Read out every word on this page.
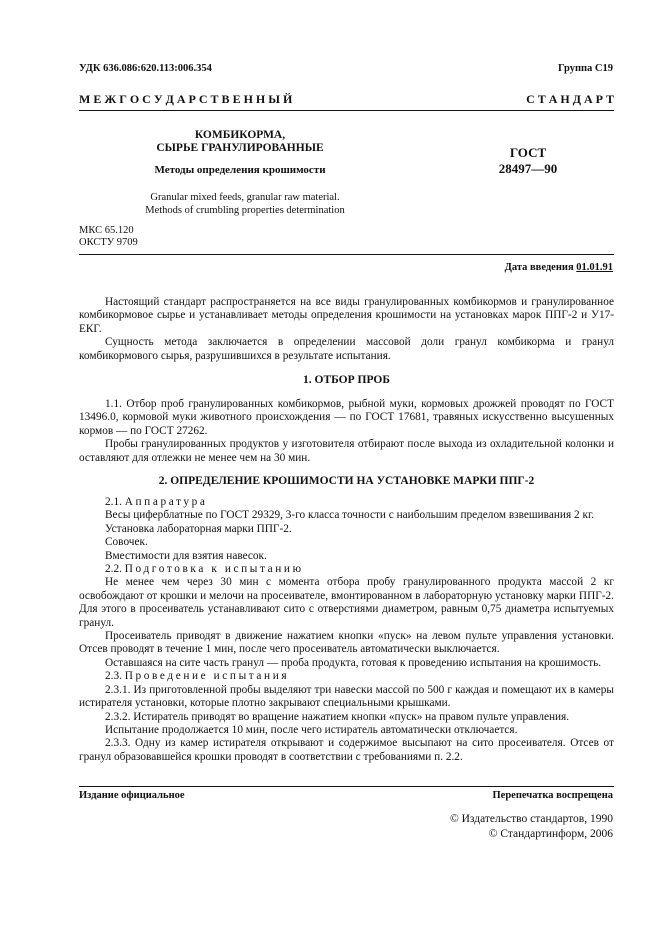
УДК 636.086:620.113:006.354	Группа С19
М Е Ж Г О С У Д А Р С Т В Е Н Н Ы Й	С Т А Н Д А Р Т
КОМБИКОРМА,
СЫРЬЕ ГРАНУЛИРОВАННЫЕ
Методы определения крошимости
Granular mixed feeds, granular raw material.
Methods of crumbling properties determination
ГОСТ
28497—90
МКС 65.120
ОКСТУ 9709
Дата введения 01.01.91

Настоящий стандарт распространяется на все виды гранулированных комбикормов и гранулированное комбикормовое сырье и устанавливает методы определения крошимости на установках марок ППГ-2 и У17-ЕКГ.

Сущность метода заключается в определении массовой доли гранул комбикорма и гранул комбикормового сырья, разрушившихся в результате испытания.

1. ОТБОР ПРОБ

1.1. Отбор проб гранулированных комбикормов, рыбной муки, кормовых дрожжей проводят по ГОСТ 13496.0, кормовой муки животного происхождения — по ГОСТ 17681, травяных искусственно высушенных кормов — по ГОСТ 27262.

Пробы гранулированных продуктов у изготовителя отбирают после выхода из охладительной колонки и оставляют для отлежки не менее чем на 30 мин.

2. ОПРЕДЕЛЕНИЕ КРОШИМОСТИ НА УСТАНОВКЕ МАРКИ ППГ-2

2.1. Аппаратура

Весы циферблатные по ГОСТ 29329, 3-го класса точности с наибольшим пределом взвешивания 2 кг.

Установка лабораторная марки ППГ-2.

Совочек.

Вместимости для взятия навесок.

2.2. Подготовка к испытанию

Не менее чем через 30 мин с момента отбора пробу гранулированного продукта массой 2 кг освобождают от крошки и мелочи на просеивателе, вмонтированном в лабораторную установку марки ППГ-2. Для этого в просеиватель устанавливают сито с отверстиями диаметром, равным 0,75 диаметра испытуемых гранул.

Просеиватель приводят в движение нажатием кнопки «пуск» на левом пульте управления установки. Отсев проводят в течение 1 мин, после чего просеиватель автоматически выключается.

Оставшаяся на сите часть гранул — проба продукта, готовая к проведению испытания на крошимость.

2.3. Проведение испытания

2.3.1. Из приготовленной пробы выделяют три навески массой по 500 г каждая и помещают их в камеры истирателя установки, которые плотно закрывают специальными крышками.

2.3.2. Истиратель приводят во вращение нажатием кнопки «пуск» на правом пульте управления.

Испытание продолжается 10 мин, после чего истиратель автоматически отключается.

2.3.3. Одну из камер истирателя открывают и содержимое высыпают на сито просеивателя. Отсев от гранул образовавшейся крошки проводят в соответствии с требованиями п. 2.2.

Издание официальное	Перепечатка воспрещена
© Издательство стандартов, 1990
© Стандартинформ, 2006
